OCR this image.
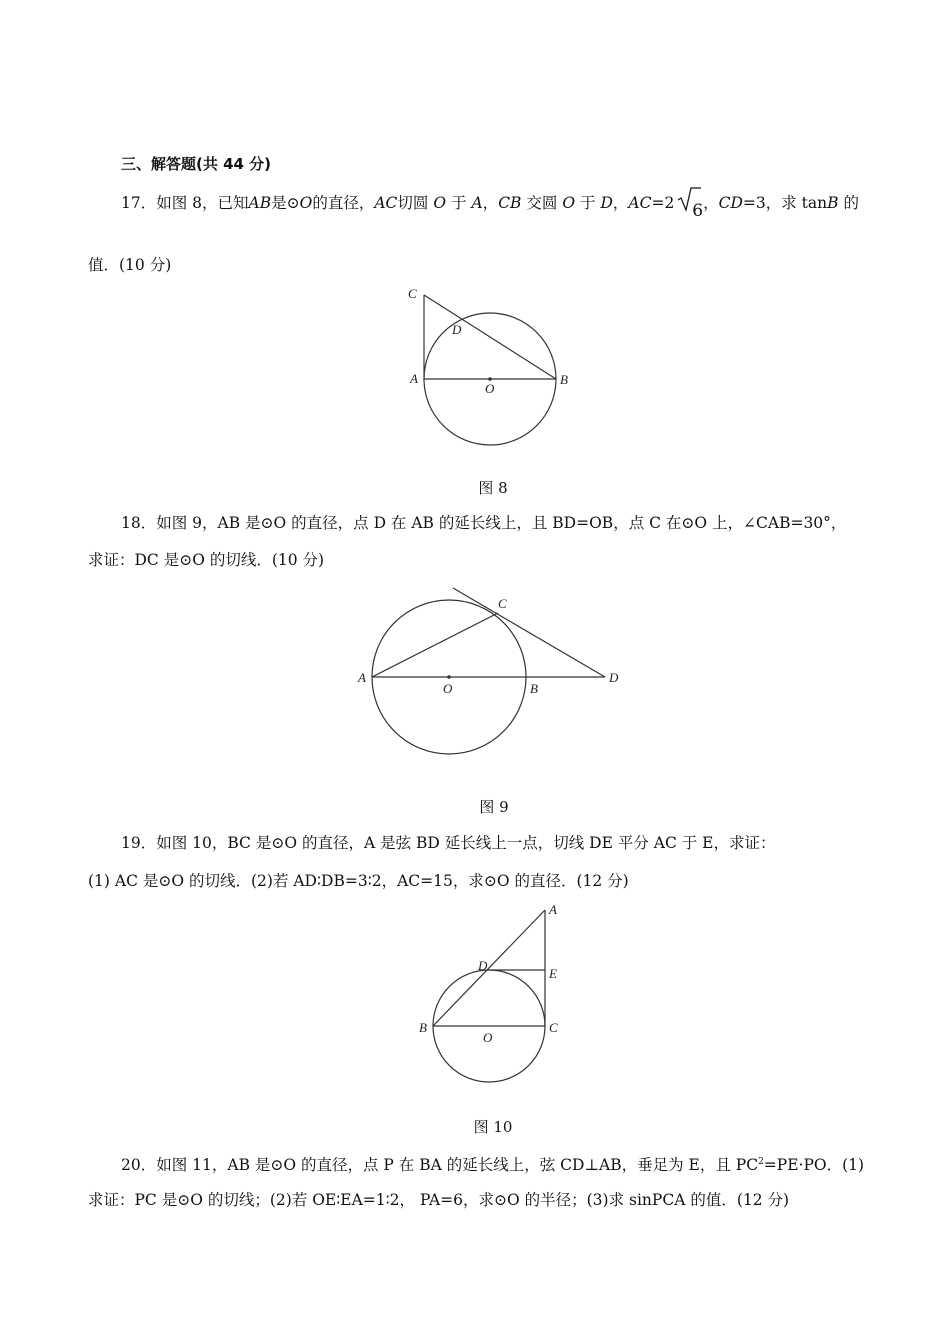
三、解答题(共 44 分)
17．如图 8，已知AB是⊙O的直径，AC切圆 O 于 A，CB 交圆 O 于 D，AC=2 6，CD=3，求 tanB 的
值．(10 分)
C
D
A
O
B
图 8
18．如图 9，AB 是⊙O 的直径，点 D 在 AB 的延长线上，且 BD=OB，点 C 在⊙O 上，∠CAB=30°，
求证：DC 是⊙O 的切线．(10 分)
C
A
O	B
D
图 9
19．如图 10，BC 是⊙O 的直径，A 是弦 BD 延长线上一点，切线 DE 平分 AC 于 E，求证：
(1) AC 是⊙O 的切线．(2)若 AD∶DB=3∶2，AC=15，求⊙O 的直径．(12 分)
A
D
E
B
O
C
图 10
20．如图 11，AB 是⊙O 的直径，点 P 在 BA 的延长线上，弦 CD⊥AB，垂足为 E，且 $PC^2=PE\cdot PO$．(1)
求证：PC 是⊙O 的切线；(2)若 OE∶EA=1∶2， PA=6，求⊙O 的半径；(3)求 sinPCA 的值．(12 分)
